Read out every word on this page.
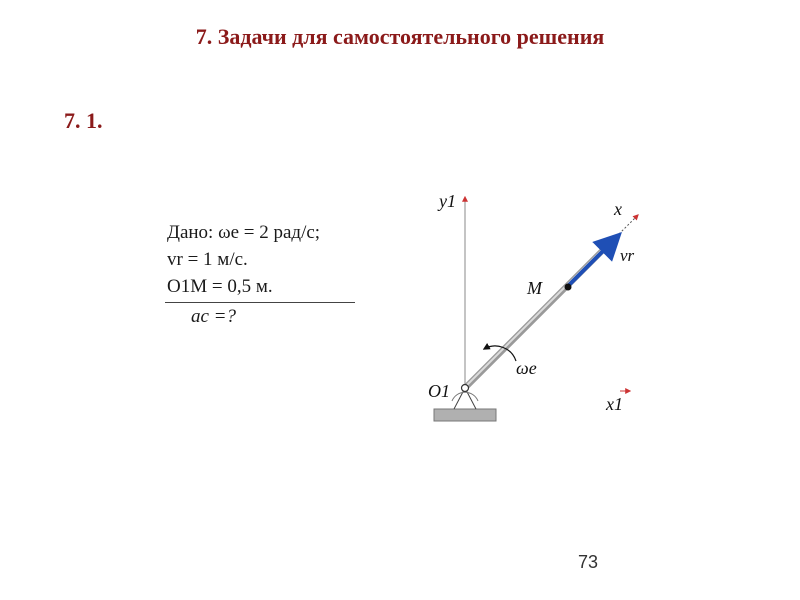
7. Задачи для самостоятельного решения
7. 1.
Дано: ωe = 2 рад/с;
vr = 1 м/с.
O1M = 0,5 м.
ac =?
y1	x
vr
M
ωe
O1
x1
73
